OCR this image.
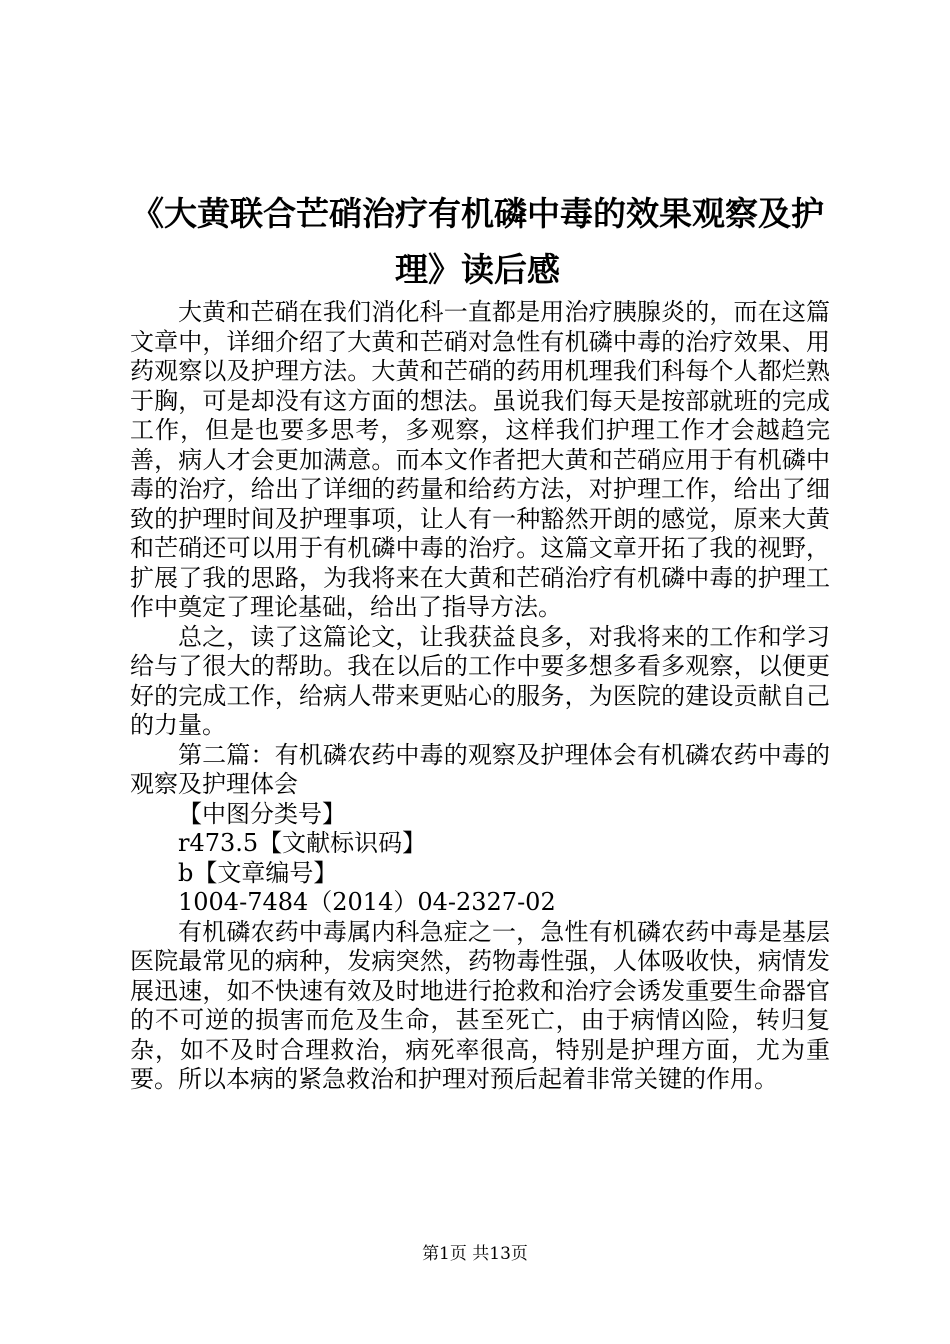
《大黄联合芒硝治疗有机磷中毒的效果观察及护理》读后感

大黄和芒硝在我们消化科一直都是用治疗胰腺炎的，而在这篇文章中，详细介绍了大黄和芒硝对急性有机磷中毒的治疗效果、用药观察以及护理方法。大黄和芒硝的药用机理我们科每个人都烂熟于胸，可是却没有这方面的想法。虽说我们每天是按部就班的完成工作，但是也要多思考，多观察，这样我们护理工作才会越趋完善，病人才会更加满意。而本文作者把大黄和芒硝应用于有机磷中毒的治疗，给出了详细的药量和给药方法，对护理工作，给出了细致的护理时间及护理事项，让人有一种豁然开朗的感觉，原来大黄和芒硝还可以用于有机磷中毒的治疗。这篇文章开拓了我的视野，扩展了我的思路，为我将来在大黄和芒硝治疗有机磷中毒的护理工作中奠定了理论基础，给出了指导方法。

总之，读了这篇论文，让我获益良多，对我将来的工作和学习给与了很大的帮助。我在以后的工作中要多想多看多观察，以便更好的完成工作，给病人带来更贴心的服务，为医院的建设贡献自己的力量。

第二篇：有机磷农药中毒的观察及护理体会有机磷农药中毒的观察及护理体会

【中图分类号】

r473.5【文献标识码】

b【文章编号】

1004-7484（2014）04-2327-02

有机磷农药中毒属内科急症之一，急性有机磷农药中毒是基层医院最常见的病种，发病突然，药物毒性强，人体吸收快，病情发展迅速，如不快速有效及时地进行抢救和治疗会诱发重要生命器官的不可逆的损害而危及生命，甚至死亡，由于病情凶险，转归复杂，如不及时合理救治，病死率很高，特别是护理方面，尤为重要。所以本病的紧急救治和护理对预后起着非常关键的作用。

第1页 共13页
